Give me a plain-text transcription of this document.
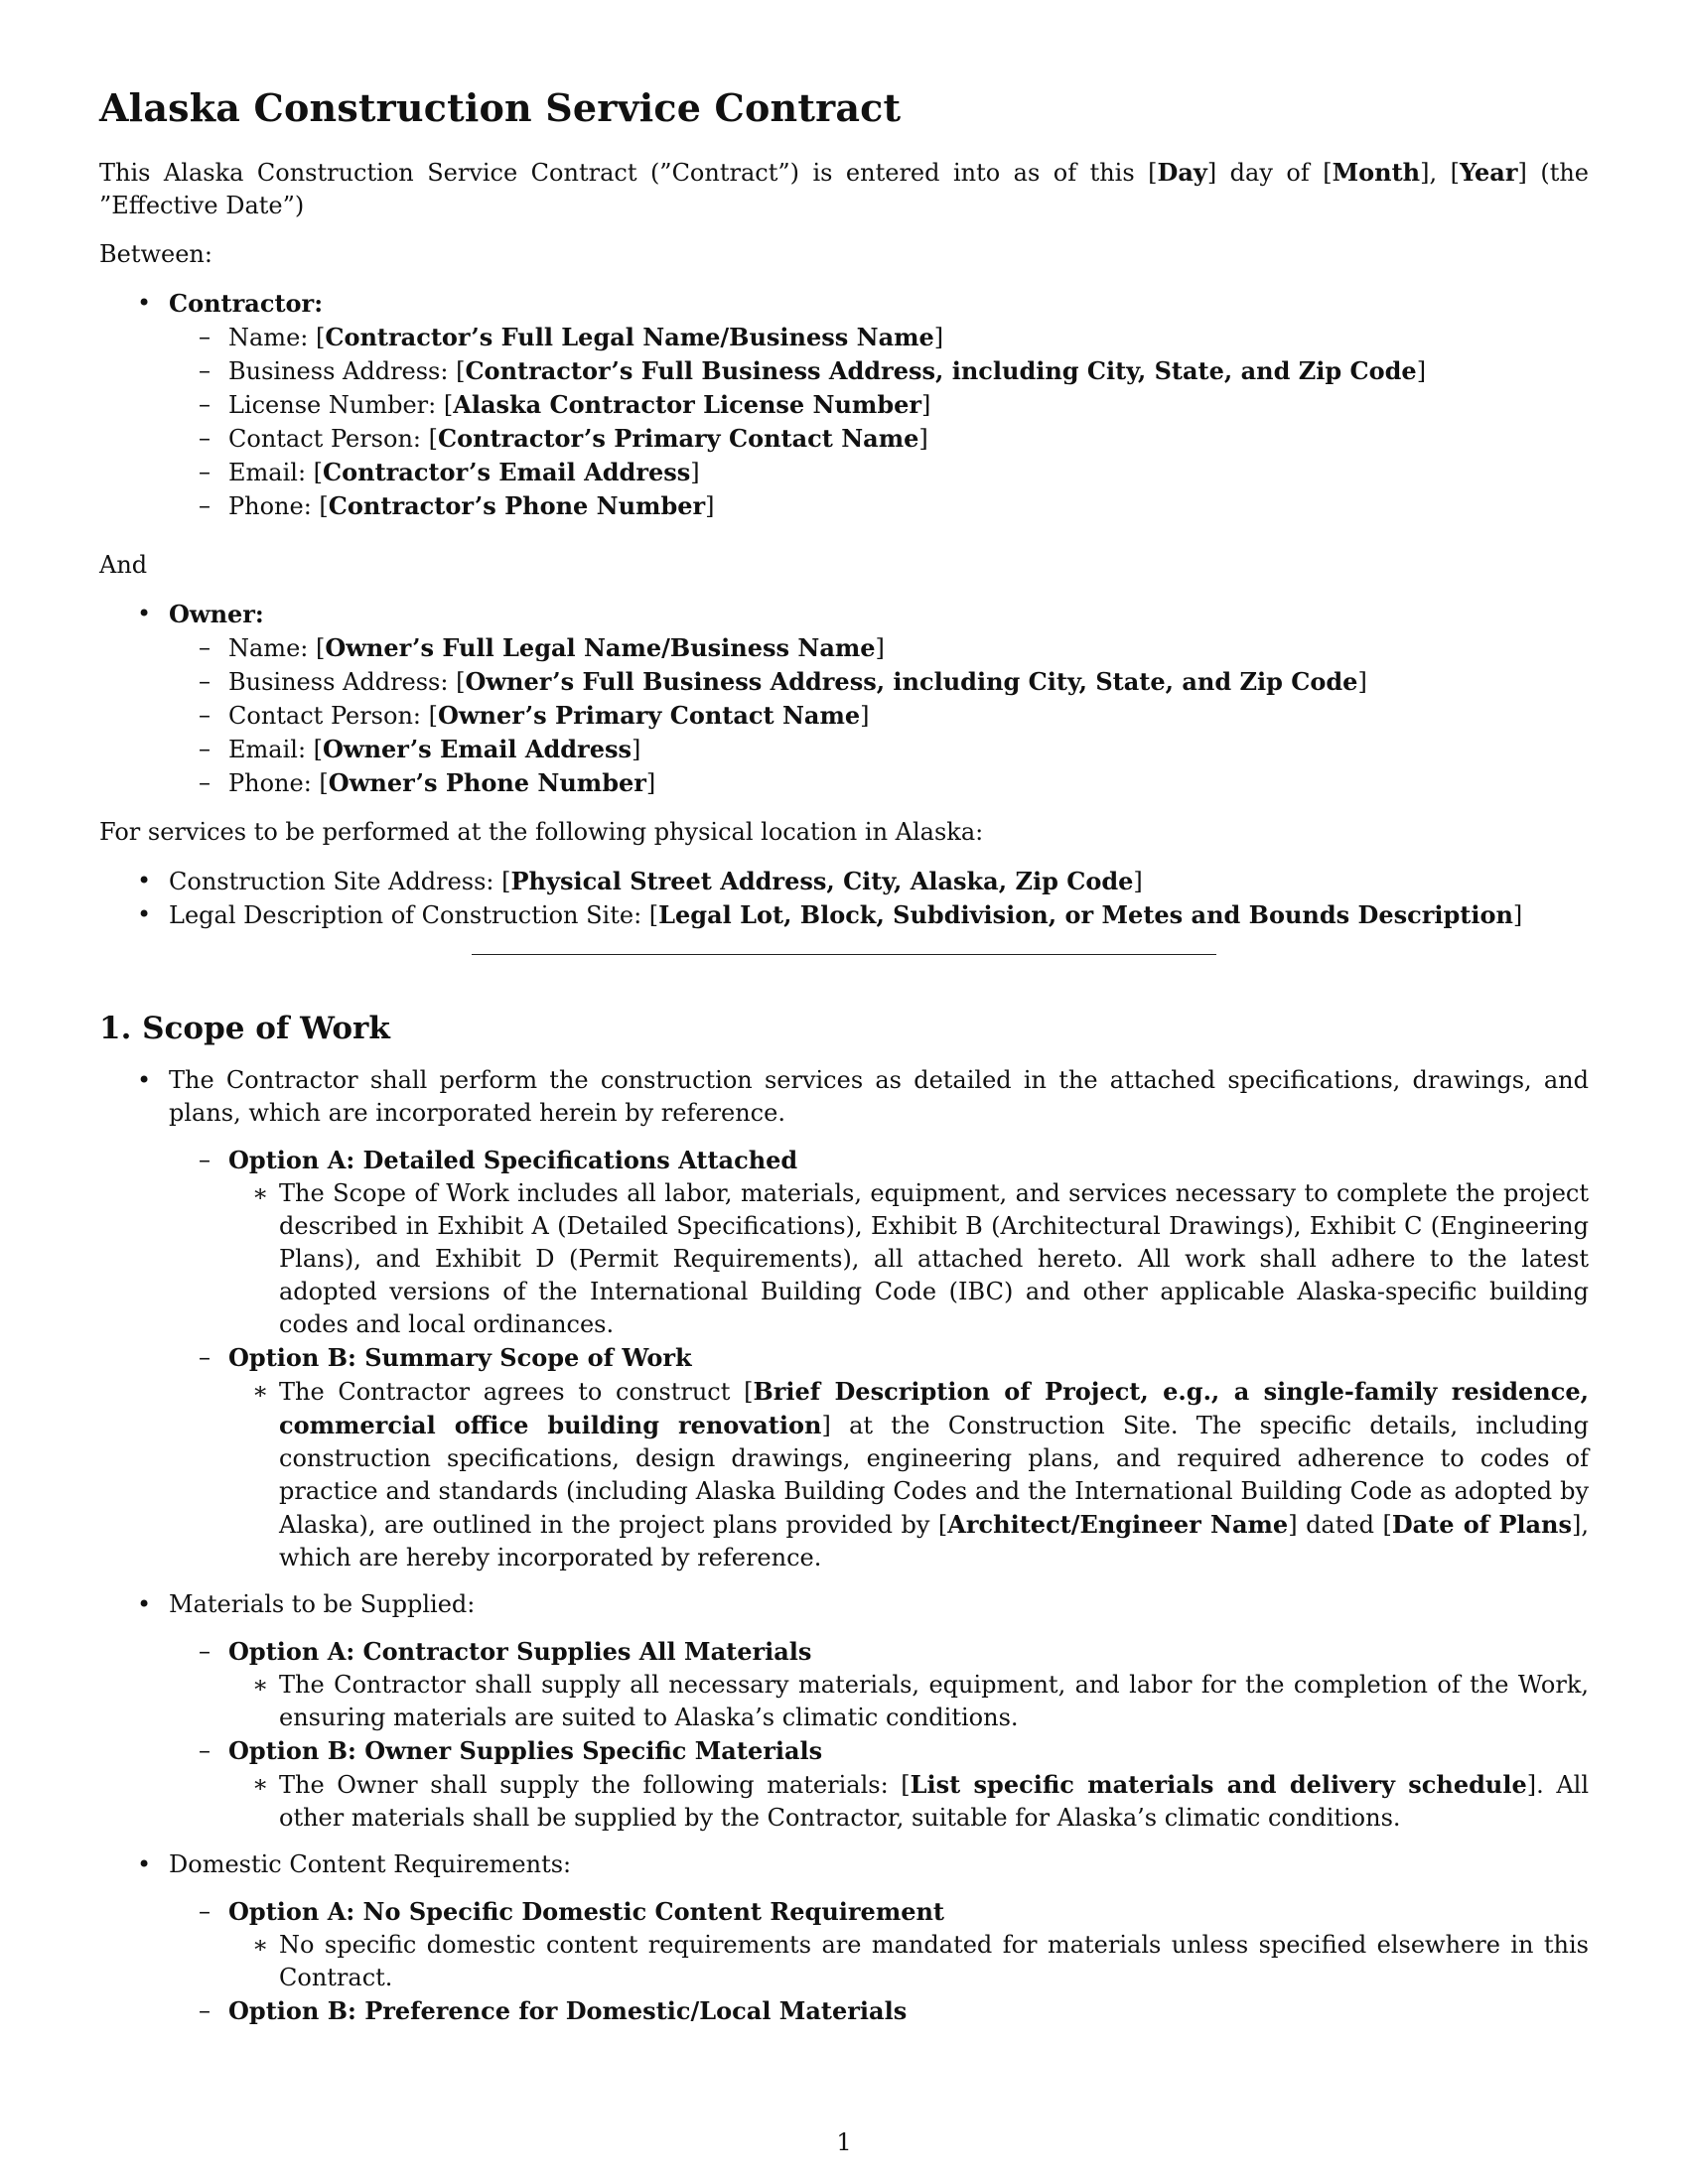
Alaska Construction Service Contract

This Alaska Construction Service Contract (”Contract”) is entered into as of this [Day] day of [Month], [Year] (the ”Effective Date”)

Between:

• Contractor:
– Name: [Contractor’s Full Legal Name/Business Name]
– Business Address: [Contractor’s Full Business Address, including City, State, and Zip Code]
– License Number: [Alaska Contractor License Number]
– Contact Person: [Contractor’s Primary Contact Name]
– Email: [Contractor’s Email Address]
– Phone: [Contractor’s Phone Number]

And

• Owner:
– Name: [Owner’s Full Legal Name/Business Name]
– Business Address: [Owner’s Full Business Address, including City, State, and Zip Code]
– Contact Person: [Owner’s Primary Contact Name]
– Email: [Owner’s Email Address]
– Phone: [Owner’s Phone Number]

For services to be performed at the following physical location in Alaska:

• Construction Site Address: [Physical Street Address, City, Alaska, Zip Code]
• Legal Description of Construction Site: [Legal Lot, Block, Subdivision, or Metes and Bounds Description]
1. Scope of Work
• The Contractor shall perform the construction services as detailed in the attached specifications, drawings, and plans, which are incorporated herein by reference.
– Option A: Detailed Specifications Attached
∗ The Scope of Work includes all labor, materials, equipment, and services necessary to complete the project described in Exhibit A (Detailed Specifications), Exhibit B (Architectural Drawings), Exhibit C (Engineering Plans), and Exhibit D (Permit Requirements), all attached hereto. All work shall adhere to the latest adopted versions of the International Building Code (IBC) and other applicable Alaska-specific building codes and local ordinances.
– Option B: Summary Scope of Work
∗ The Contractor agrees to construct [Brief Description of Project, e.g., a single-family residence, commercial office building renovation] at the Construction Site. The specific details, including construction specifications, design drawings, engineering plans, and required adherence to codes of practice and standards (including Alaska Building Codes and the International Building Code as adopted by Alaska), are outlined in the project plans provided by [Architect/Engineer Name] dated [Date of Plans], which are hereby incorporated by reference.
• Materials to be Supplied:
– Option A: Contractor Supplies All Materials
∗ The Contractor shall supply all necessary materials, equipment, and labor for the completion of the Work, ensuring materials are suited to Alaska’s climatic conditions.
– Option B: Owner Supplies Specific Materials
∗ The Owner shall supply the following materials: [List specific materials and delivery schedule]. All other materials shall be supplied by the Contractor, suitable for Alaska’s climatic conditions.
• Domestic Content Requirements:
– Option A: No Specific Domestic Content Requirement
∗ No specific domestic content requirements are mandated for materials unless specified elsewhere in this Contract.
– Option B: Preference for Domestic/Local Materials
1
